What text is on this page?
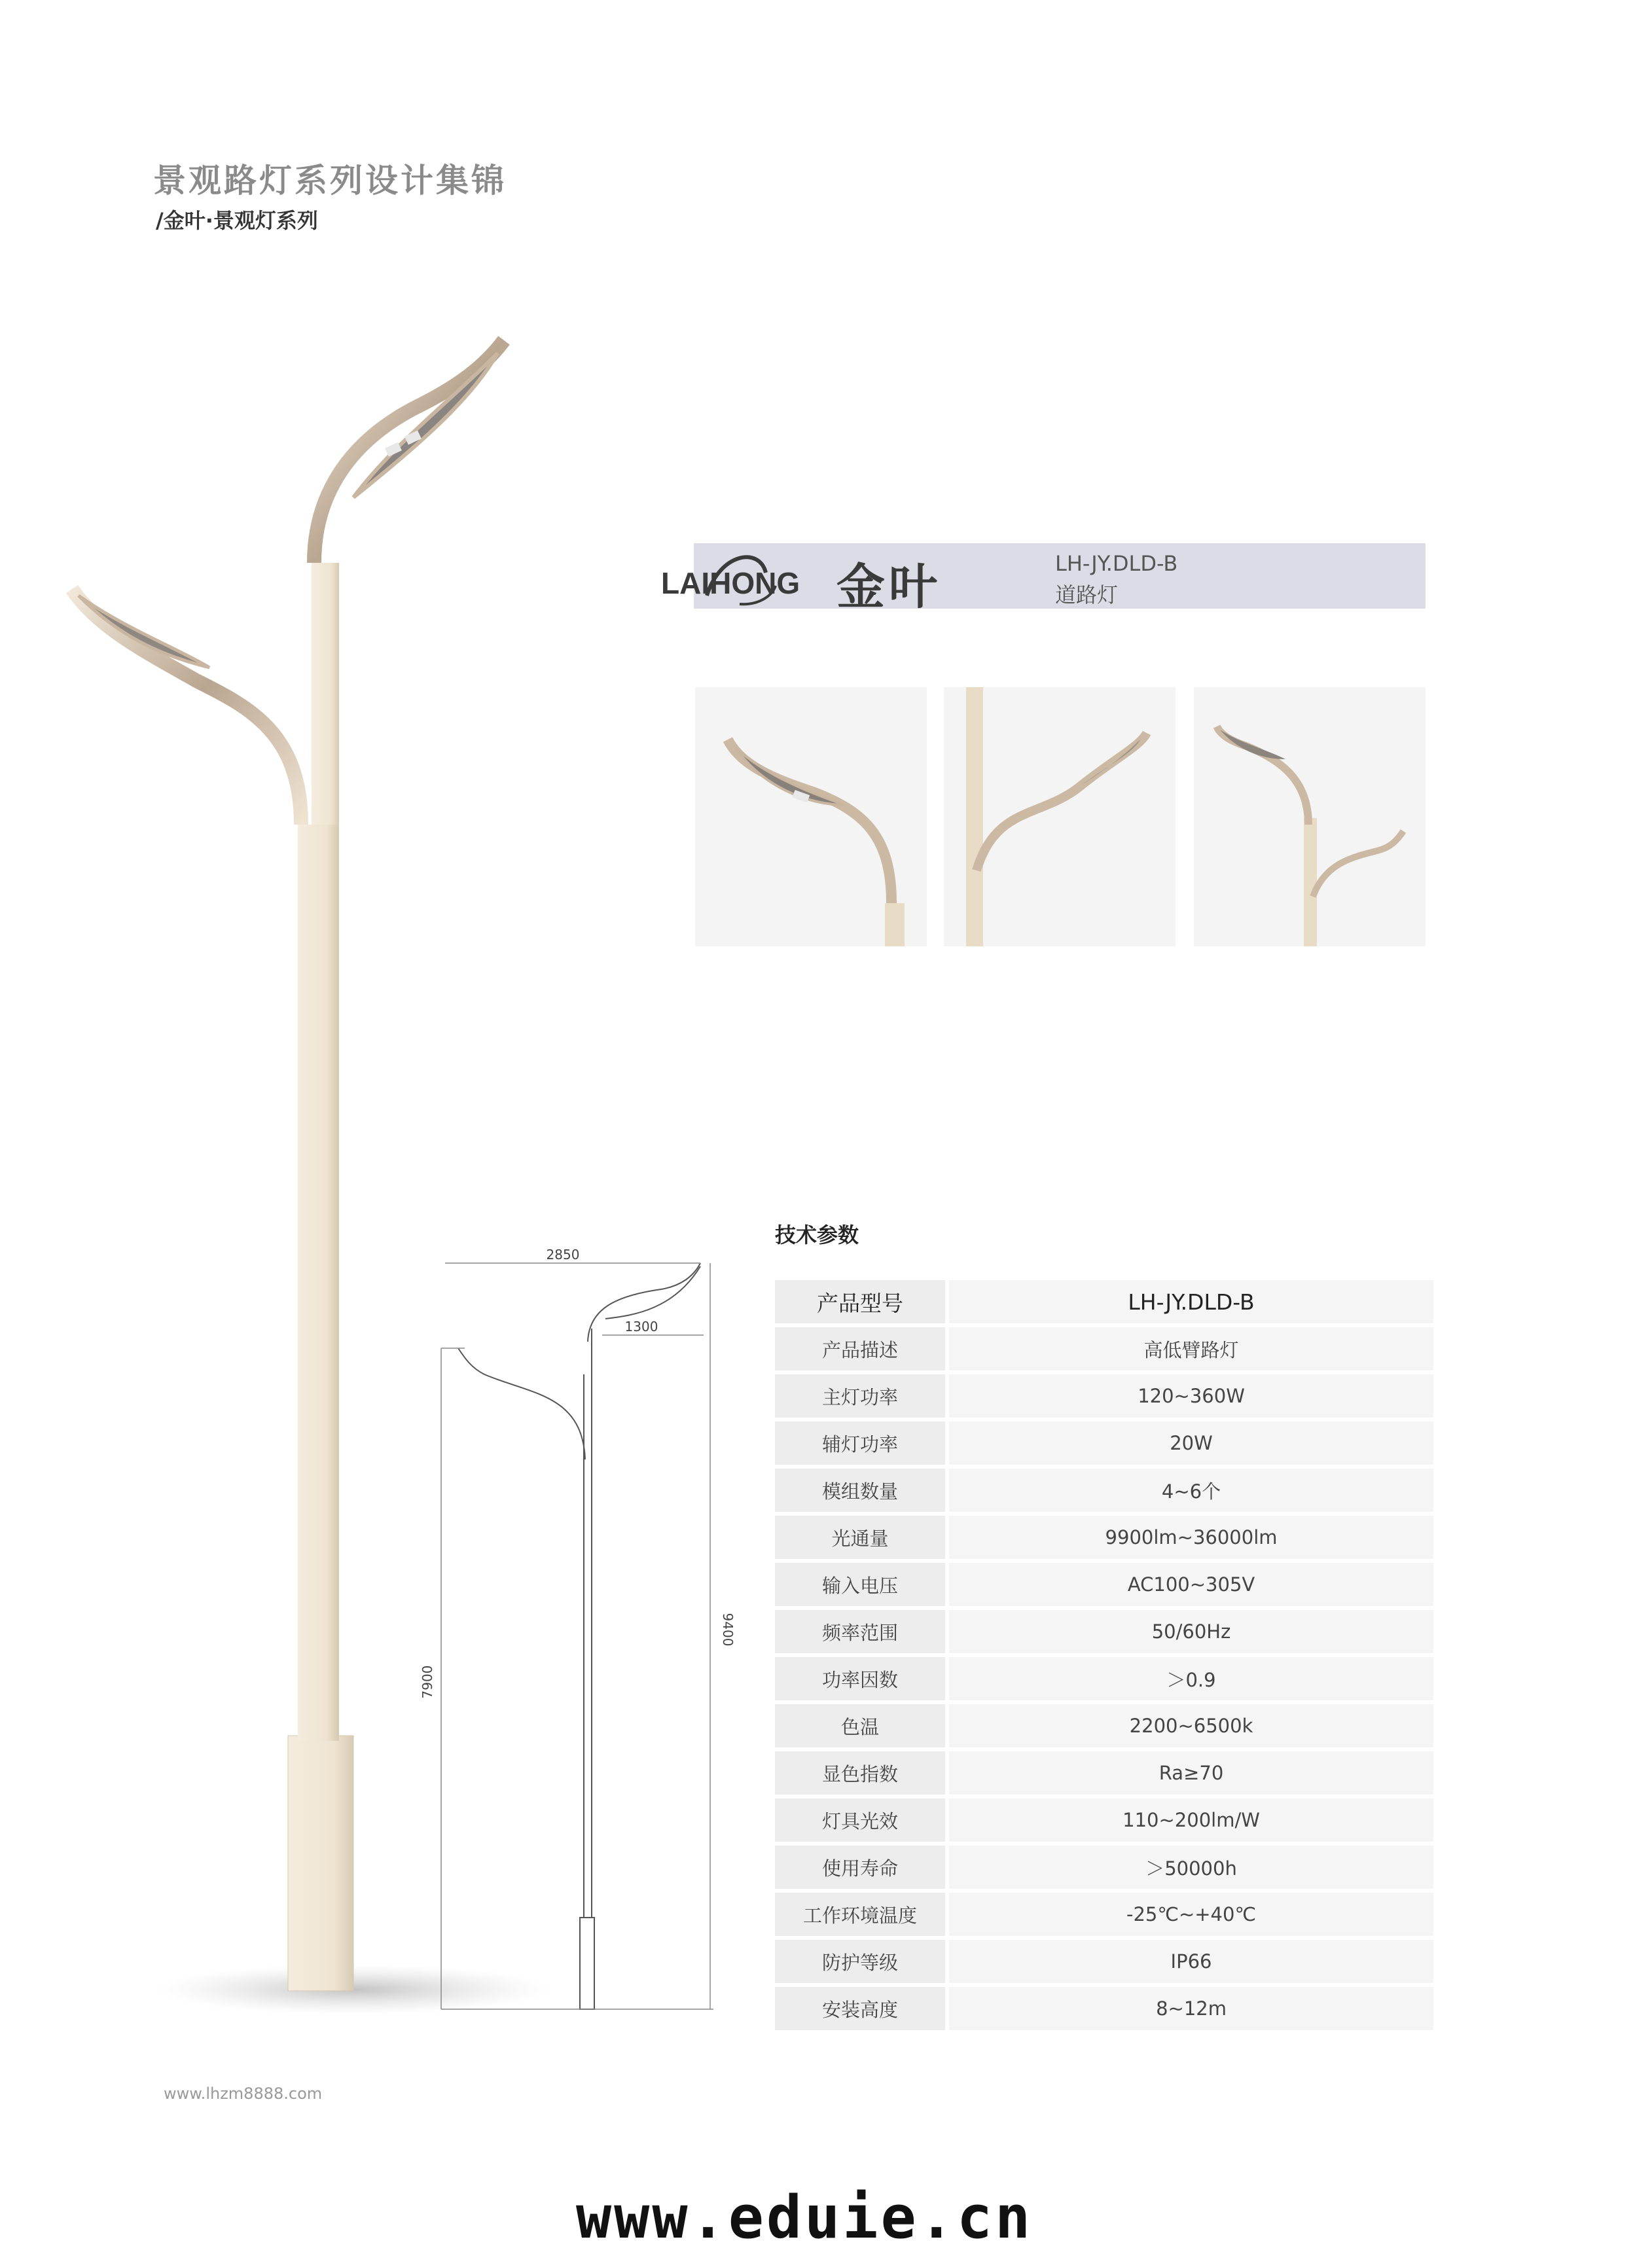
景观路灯系列设计集锦
/金叶·景观灯系列
LAIHONG 金叶	LH-JY.DLD-B
道路灯
2850
1300
7900
9400
技术参数
产品型号	LH-JY.DLD-B
产品描述	高低臂路灯
主灯功率	120~360W
辅灯功率	20W
模组数量	4~6个
光通量	9900lm~36000lm
输入电压	AC100~305V
频率范围	50/60Hz
功率因数	＞0.9
色温	2200~6500k
显色指数	Ra≥70
灯具光效	110~200lm/W
使用寿命	＞50000h
工作环境温度	-25℃~+40℃
防护等级	IP66
安装高度	8~12m
www.lhzm8888.com
www.eduie.cn
